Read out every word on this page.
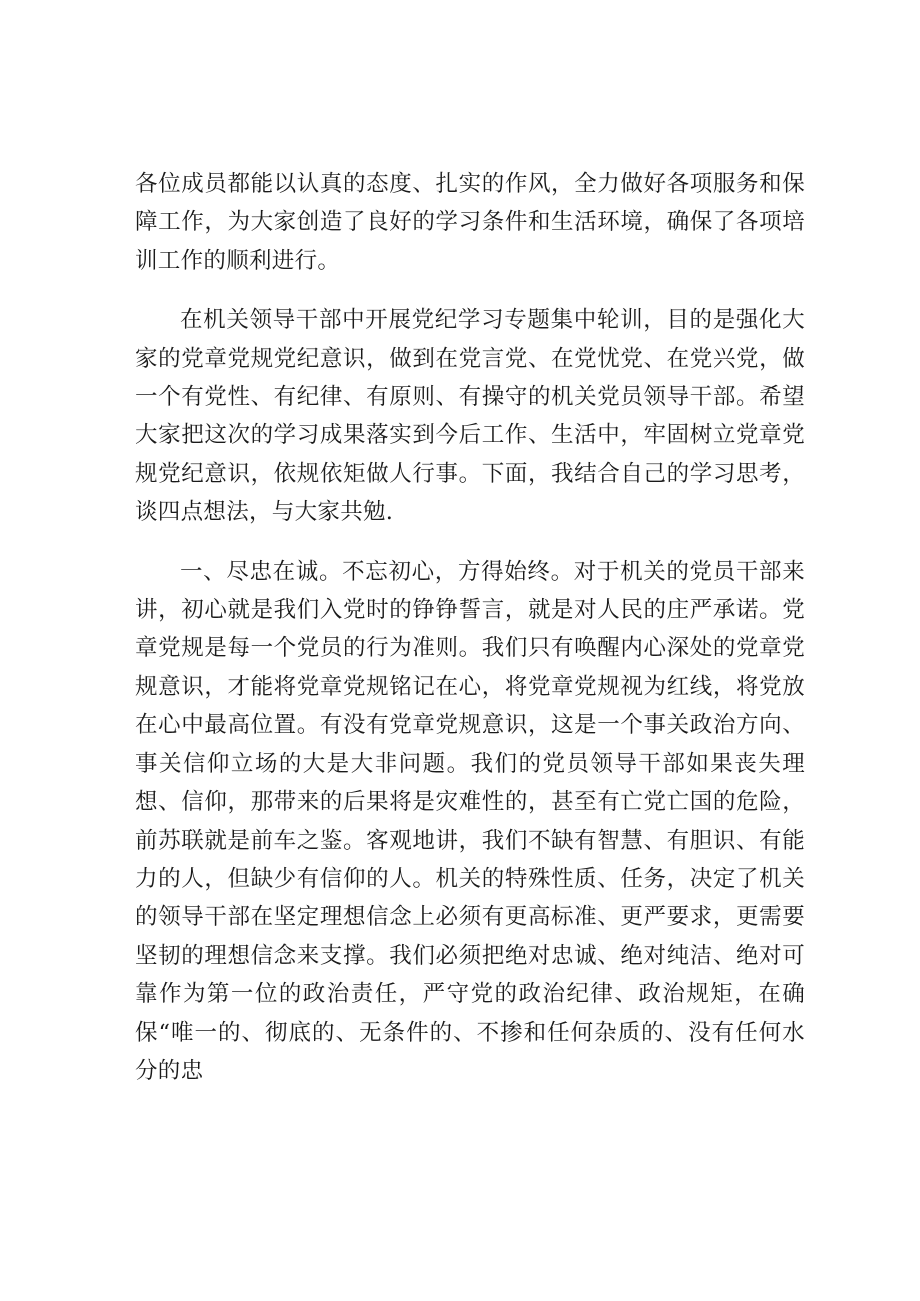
各位成员都能以认真的态度、扎实的作风，全力做好各项服务和保障工作，为大家创造了良好的学习条件和生活环境，确保了各项培训工作的顺利进行。

在机关领导干部中开展党纪学习专题集中轮训，目的是强化大家的党章党规党纪意识，做到在党言党、在党忧党、在党兴党，做一个有党性、有纪律、有原则、有操守的机关党员领导干部。希望大家把这次的学习成果落实到今后工作、生活中，牢固树立党章党规党纪意识，依规依矩做人行事。下面，我结合自己的学习思考，谈四点想法，与大家共勉.

一、尽忠在诚。不忘初心，方得始终。对于机关的党员干部来讲，初心就是我们入党时的铮铮誓言，就是对人民的庄严承诺。党章党规是每一个党员的行为准则。我们只有唤醒内心深处的党章党规意识，才能将党章党规铭记在心，将党章党规视为红线，将党放在心中最高位置。有没有党章党规意识，这是一个事关政治方向、事关信仰立场的大是大非问题。我们的党员领导干部如果丧失理想、信仰，那带来的后果将是灾难性的，甚至有亡党亡国的危险，前苏联就是前车之鉴。客观地讲，我们不缺有智慧、有胆识、有能力的人，但缺少有信仰的人。机关的特殊性质、任务，决定了机关的领导干部在坚定理想信念上必须有更高标准、更严要求，更需要坚韧的理想信念来支撑。我们必须把绝对忠诚、绝对纯洁、绝对可靠作为第一位的政治责任，严守党的政治纪律、政治规矩，在确保“唯一的、彻底的、无条件的、不掺和任何杂质的、没有任何水分的忠
